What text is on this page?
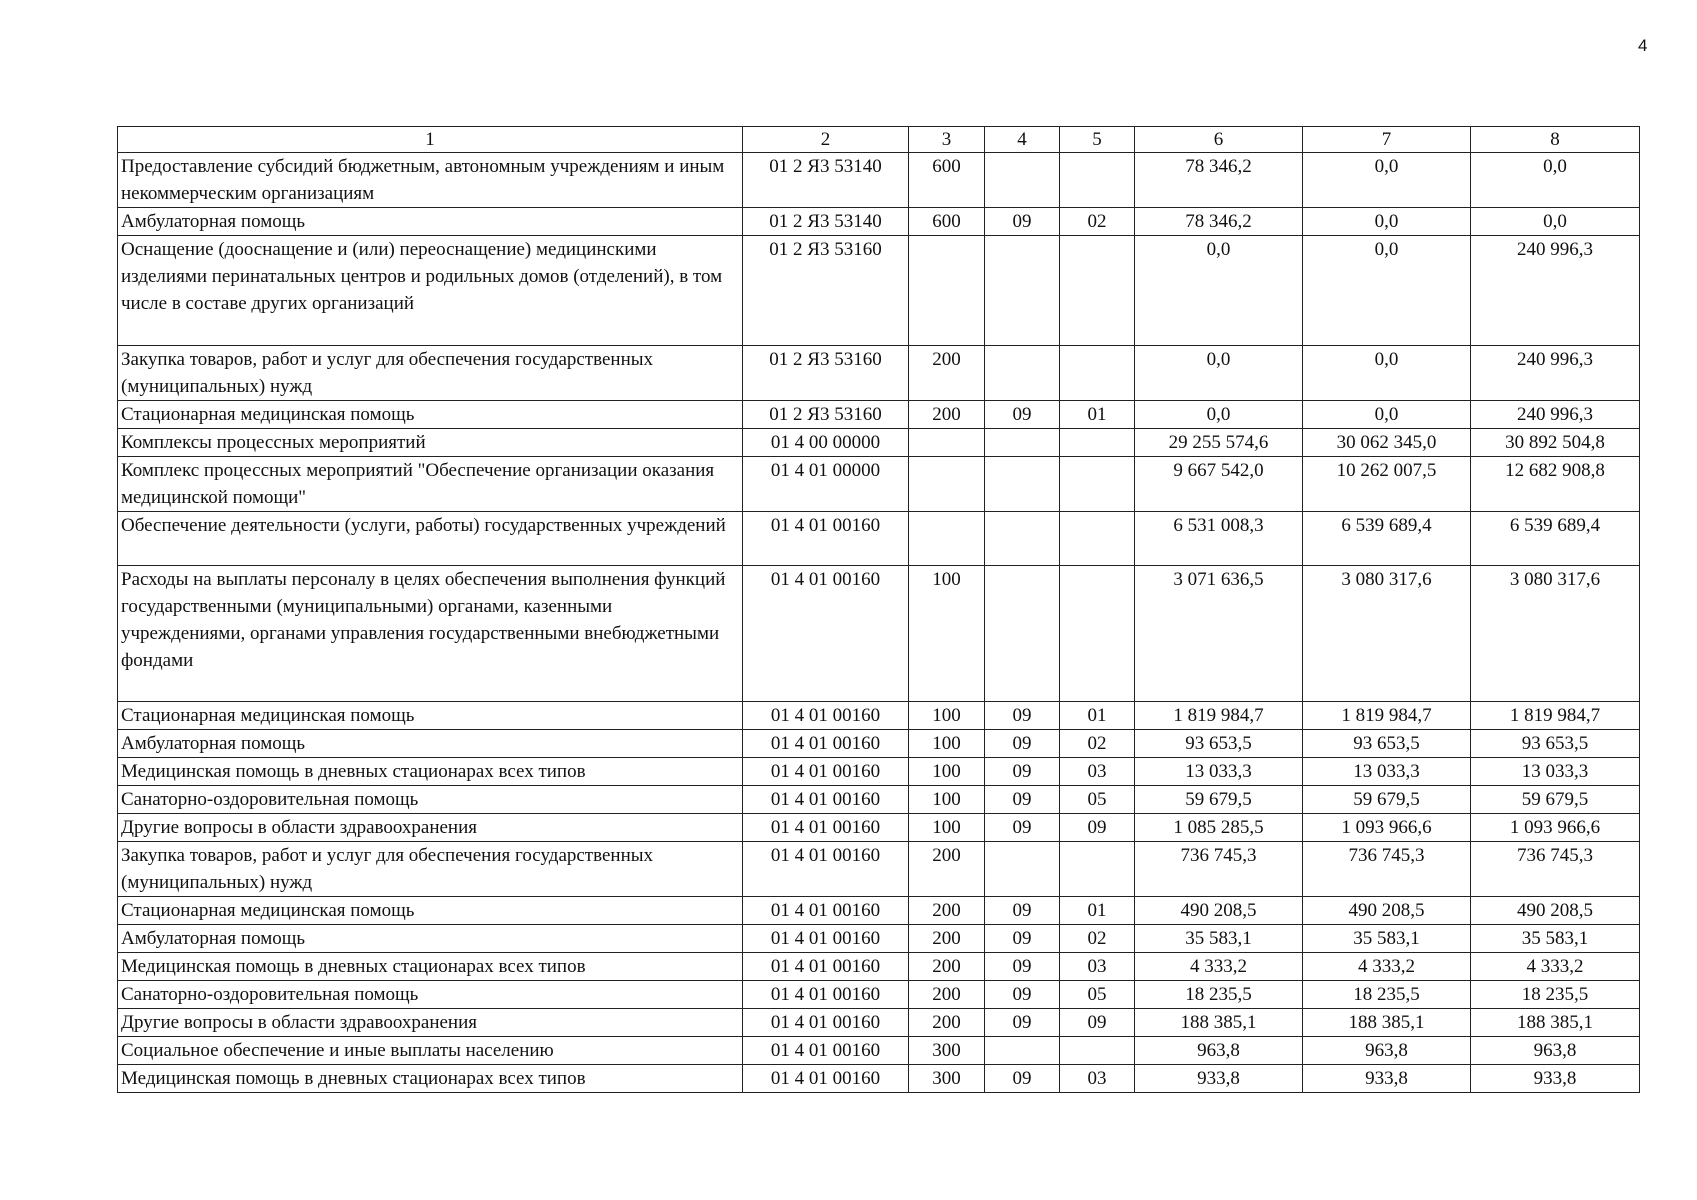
4
1	2	3	4	5	6	7	8
Предоставление субсидий бюджетным, автономным учреждениям и иным некоммерческим организациям	01 2 Я3 53140	600			78 346,2	0,0	0,0
Амбулаторная помощь	01 2 Я3 53140	600	09	02	78 346,2	0,0	0,0
Оснащение (дооснащение и (или) переоснащение) медицинскими изделиями перинатальных центров и родильных домов (отделений), в том числе в составе других организаций	01 2 Я3 53160				0,0	0,0	240 996,3
Закупка товаров, работ и услуг для обеспечения государственных (муниципальных) нужд	01 2 Я3 53160	200			0,0	0,0	240 996,3
Стационарная медицинская помощь	01 2 Я3 53160	200	09	01	0,0	0,0	240 996,3
Комплексы процессных мероприятий	01 4 00 00000				29 255 574,6	30 062 345,0	30 892 504,8
Комплекс процессных мероприятий "Обеспечение организации оказания медицинской помощи"	01 4 01 00000				9 667 542,0	10 262 007,5	12 682 908,8
Обеспечение деятельности (услуги, работы) государственных учреждений	01 4 01 00160				6 531 008,3	6 539 689,4	6 539 689,4
Расходы на выплаты персоналу в целях обеспечения выполнения функций государственными (муниципальными) органами, казенными учреждениями, органами управления государственными внебюджетными фондами	01 4 01 00160	100			3 071 636,5	3 080 317,6	3 080 317,6
Стационарная медицинская помощь	01 4 01 00160	100	09	01	1 819 984,7	1 819 984,7	1 819 984,7
Амбулаторная помощь	01 4 01 00160	100	09	02	93 653,5	93 653,5	93 653,5
Медицинская помощь в дневных стационарах всех типов	01 4 01 00160	100	09	03	13 033,3	13 033,3	13 033,3
Санаторно-оздоровительная помощь	01 4 01 00160	100	09	05	59 679,5	59 679,5	59 679,5
Другие вопросы в области здравоохранения	01 4 01 00160	100	09	09	1 085 285,5	1 093 966,6	1 093 966,6
Закупка товаров, работ и услуг для обеспечения государственных (муниципальных) нужд	01 4 01 00160	200			736 745,3	736 745,3	736 745,3
Стационарная медицинская помощь	01 4 01 00160	200	09	01	490 208,5	490 208,5	490 208,5
Амбулаторная помощь	01 4 01 00160	200	09	02	35 583,1	35 583,1	35 583,1
Медицинская помощь в дневных стационарах всех типов	01 4 01 00160	200	09	03	4 333,2	4 333,2	4 333,2
Санаторно-оздоровительная помощь	01 4 01 00160	200	09	05	18 235,5	18 235,5	18 235,5
Другие вопросы в области здравоохранения	01 4 01 00160	200	09	09	188 385,1	188 385,1	188 385,1
Социальное обеспечение и иные выплаты населению	01 4 01 00160	300			963,8	963,8	963,8
Медицинская помощь в дневных стационарах всех типов	01 4 01 00160	300	09	03	933,8	933,8	933,8
